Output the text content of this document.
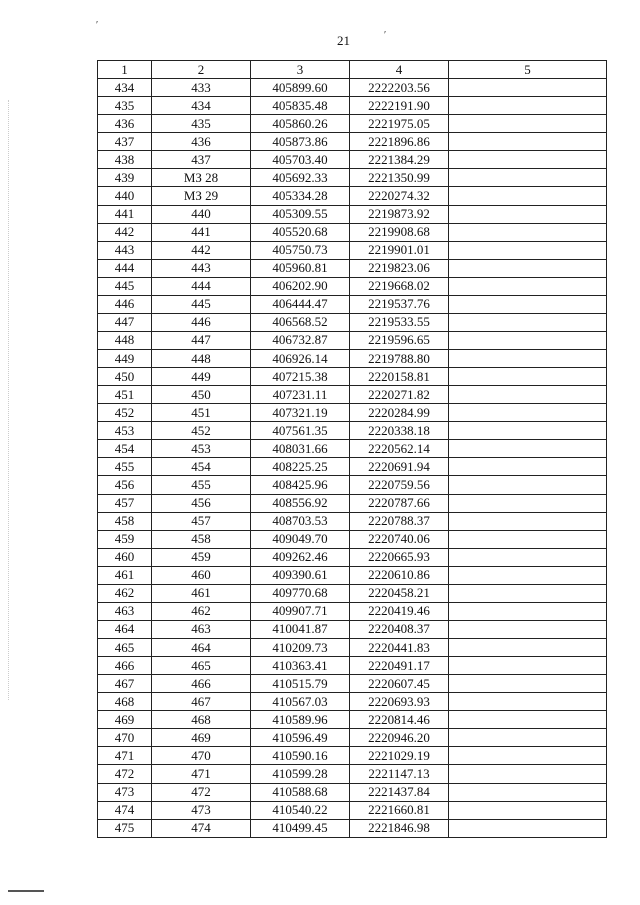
ʹ
ʹ
21
1	2	3	4	5
434	433	405899.60	2222203.56	
435	434	405835.48	2222191.90	
436	435	405860.26	2221975.05	
437	436	405873.86	2221896.86	
438	437	405703.40	2221384.29	
439	МЗ 28	405692.33	2221350.99	
440	МЗ 29	405334.28	2220274.32	
441	440	405309.55	2219873.92	
442	441	405520.68	2219908.68	
443	442	405750.73	2219901.01	
444	443	405960.81	2219823.06	
445	444	406202.90	2219668.02	
446	445	406444.47	2219537.76	
447	446	406568.52	2219533.55	
448	447	406732.87	2219596.65	
449	448	406926.14	2219788.80	
450	449	407215.38	2220158.81	
451	450	407231.11	2220271.82	
452	451	407321.19	2220284.99	
453	452	407561.35	2220338.18	
454	453	408031.66	2220562.14	
455	454	408225.25	2220691.94	
456	455	408425.96	2220759.56	
457	456	408556.92	2220787.66	
458	457	408703.53	2220788.37	
459	458	409049.70	2220740.06	
460	459	409262.46	2220665.93	
461	460	409390.61	2220610.86	
462	461	409770.68	2220458.21	
463	462	409907.71	2220419.46	
464	463	410041.87	2220408.37	
465	464	410209.73	2220441.83	
466	465	410363.41	2220491.17	
467	466	410515.79	2220607.45	
468	467	410567.03	2220693.93	
469	468	410589.96	2220814.46	
470	469	410596.49	2220946.20	
471	470	410590.16	2221029.19	
472	471	410599.28	2221147.13	
473	472	410588.68	2221437.84	
474	473	410540.22	2221660.81	
475	474	410499.45	2221846.98	
